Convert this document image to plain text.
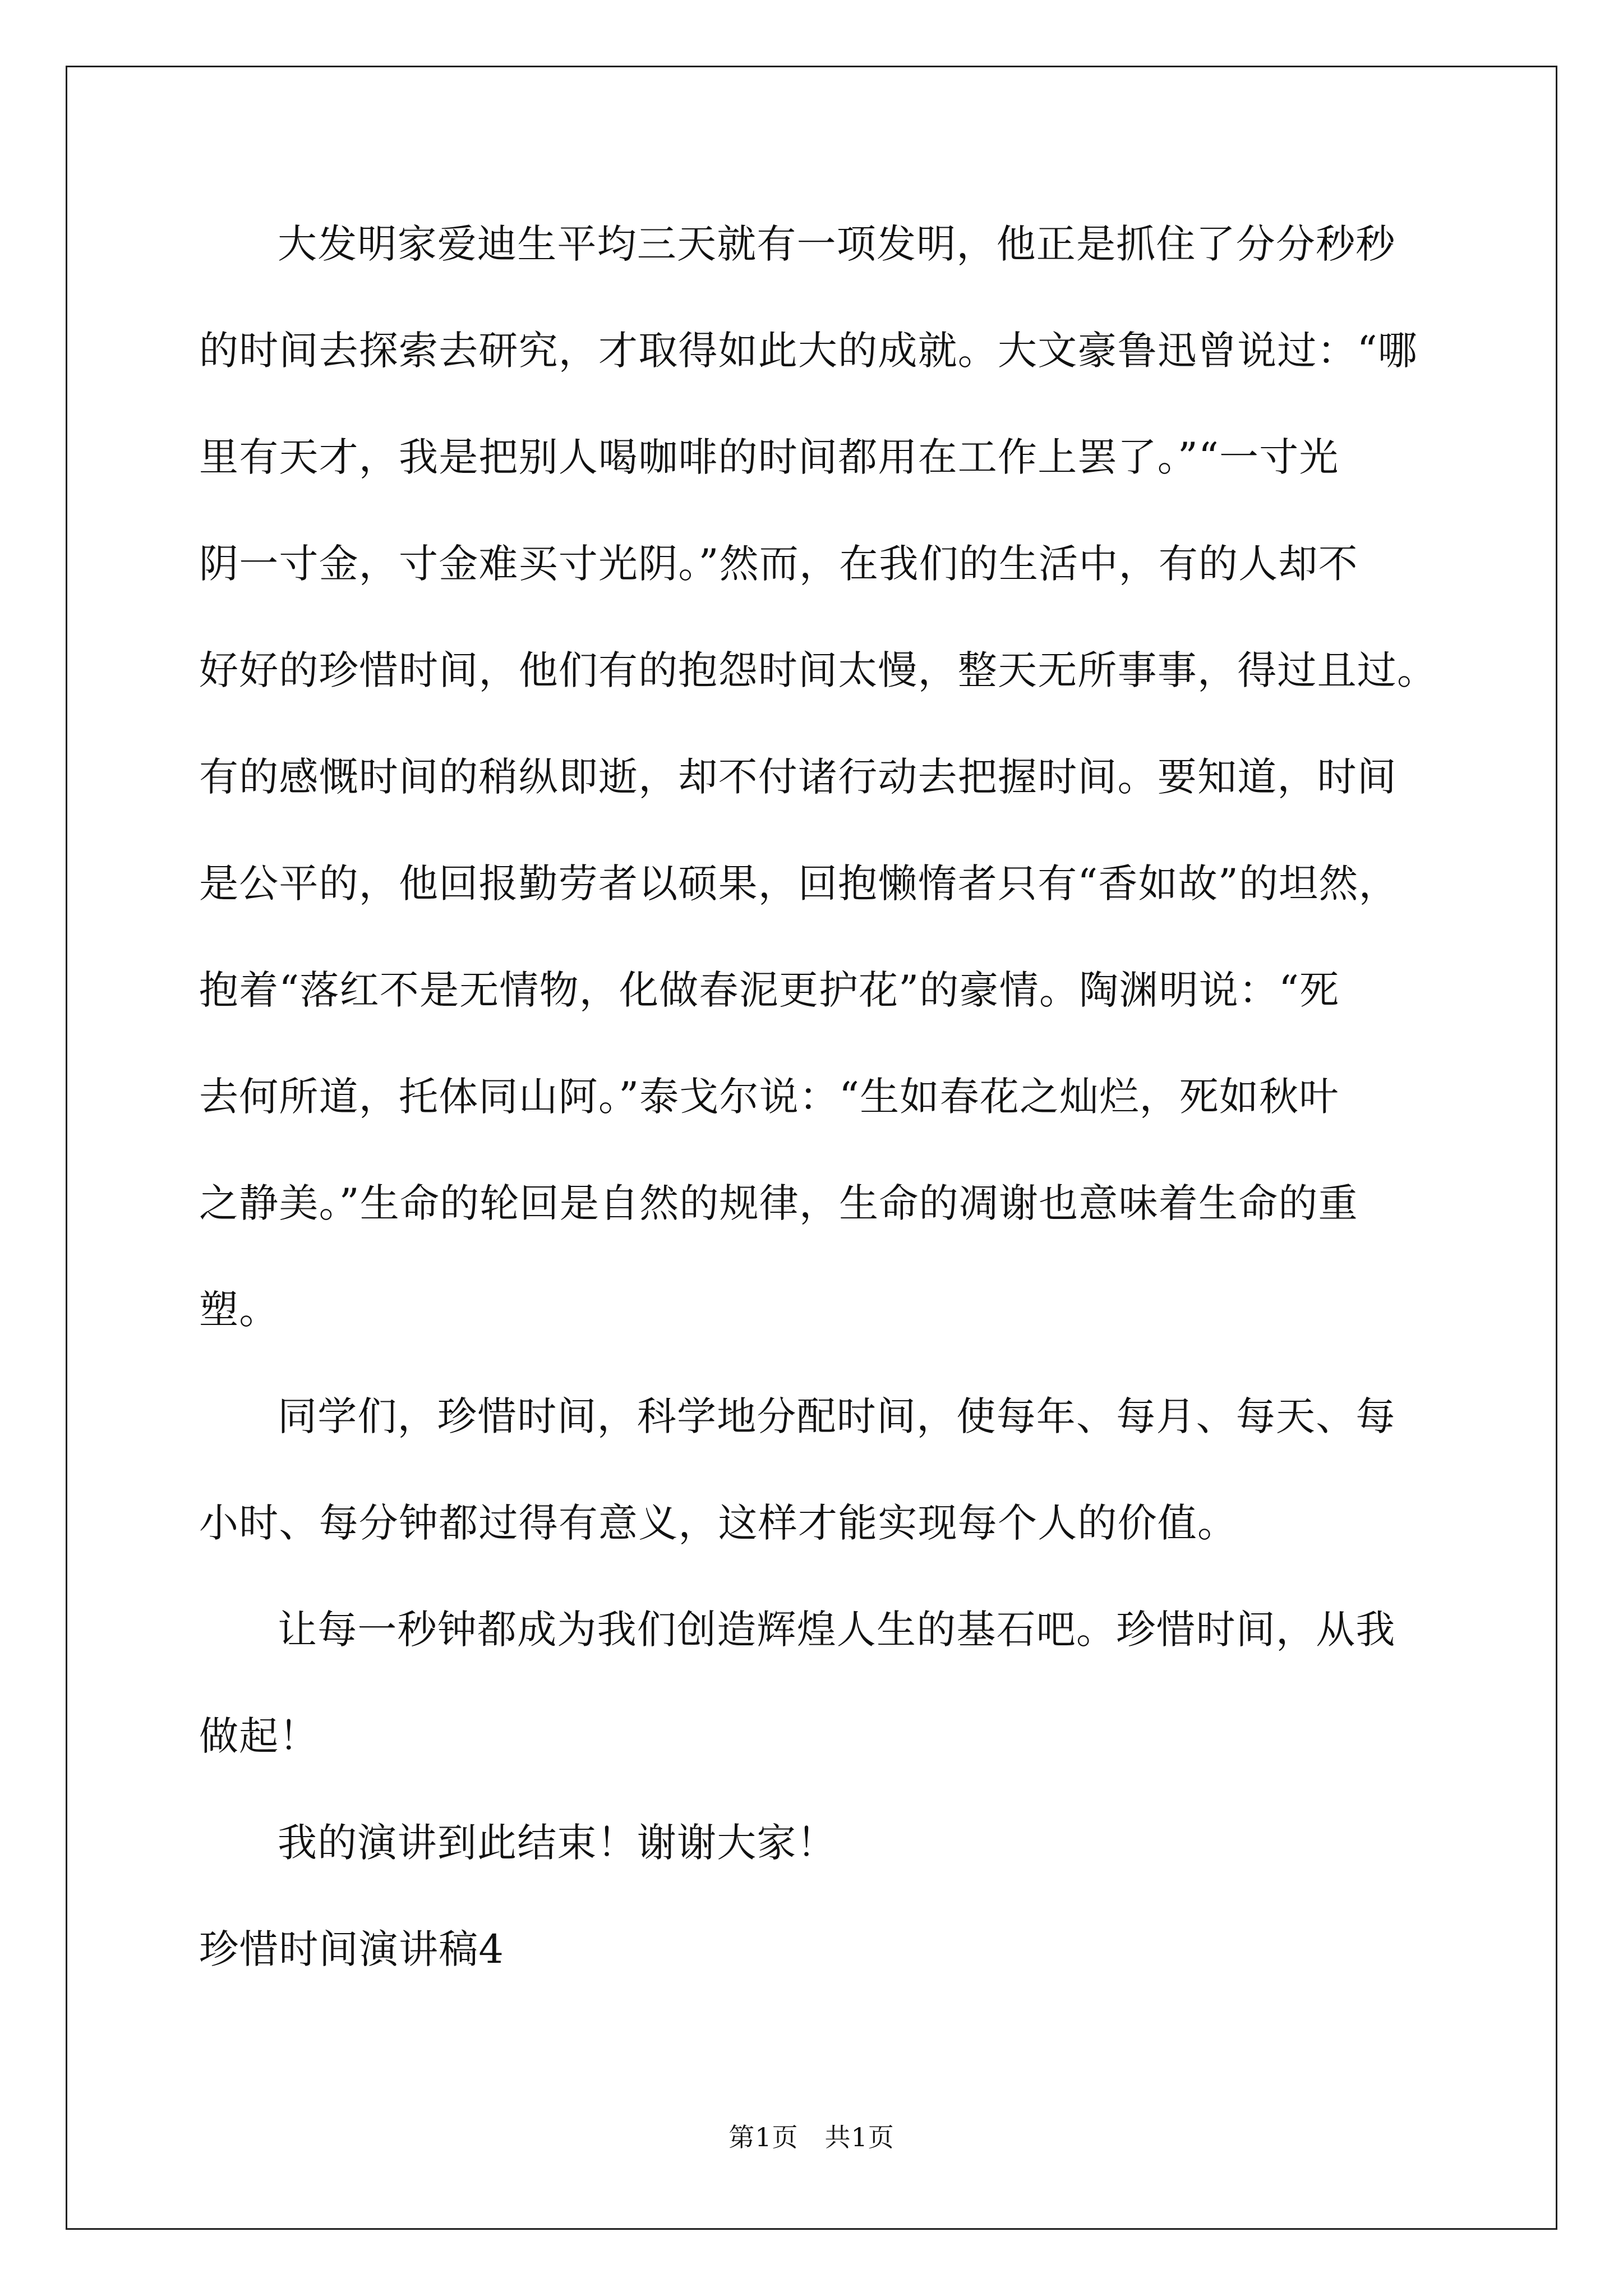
大发明家爱迪生平均三天就有一项发明，他正是抓住了分分秒秒
的时间去探索去研究，才取得如此大的成就。大文豪鲁迅曾说过：“哪
里有天才，我是把别人喝咖啡的时间都用在工作上罢了。”“一寸光
阴一寸金，寸金难买寸光阴。”然而，在我们的生活中，有的人却不
好好的珍惜时间，他们有的抱怨时间太慢，整天无所事事，得过且过。
有的感慨时间的稍纵即逝，却不付诸行动去把握时间。要知道，时间
是公平的，他回报勤劳者以硕果，回抱懒惰者只有“香如故”的坦然，
抱着“落红不是无情物，化做春泥更护花”的豪情。陶渊明说：“死
去何所道，托体同山阿。”泰戈尔说：“生如春花之灿烂，死如秋叶
之静美。”生命的轮回是自然的规律，生命的凋谢也意味着生命的重
塑。
同学们，珍惜时间，科学地分配时间，使每年、每月、每天、每
小时、每分钟都过得有意义，这样才能实现每个人的价值。
让每一秒钟都成为我们创造辉煌人生的基石吧。珍惜时间，从我
做起！
我的演讲到此结束！谢谢大家！
珍惜时间演讲稿4
第1页　共1页
